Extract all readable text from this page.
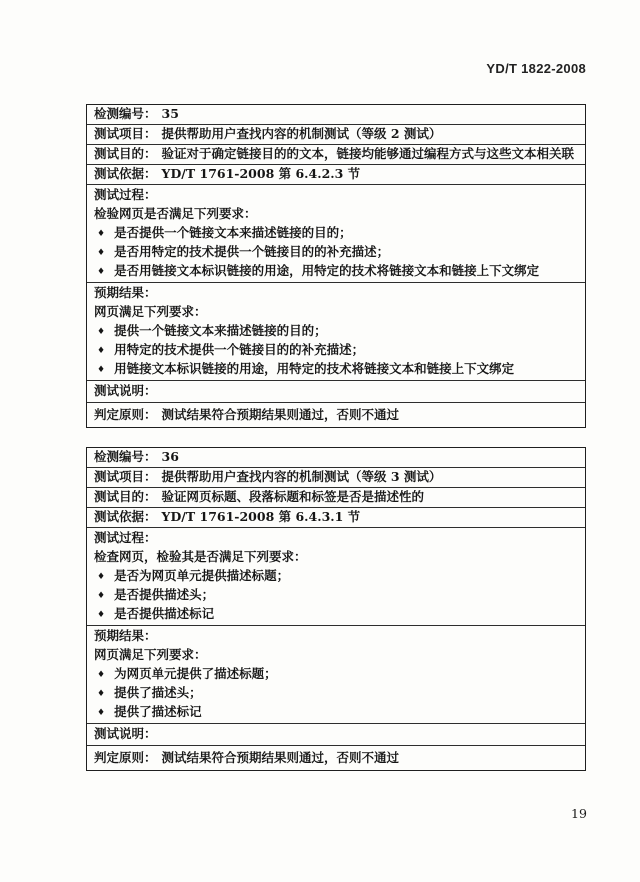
YD/T 1822-2008
检测编号： 35
测试项目： 提供帮助用户查找内容的机制测试（等级 2 测试）
测试目的： 验证对于确定链接目的的文本，链接均能够通过编程方式与这些文本相关联
测试依据： YD/T 1761-2008 第 6.4.2.3 节
测试过程：
检验网页是否满足下列要求：
♦ 是否提供一个链接文本来描述链接的目的；
♦ 是否用特定的技术提供一个链接目的的补充描述；
♦ 是否用链接文本标识链接的用途，用特定的技术将链接文本和链接上下文绑定
预期结果：
网页满足下列要求：
♦ 提供一个链接文本来描述链接的目的；
♦ 用特定的技术提供一个链接目的的补充描述；
♦ 用链接文本标识链接的用途，用特定的技术将链接文本和链接上下文绑定
测试说明：
判定原则： 测试结果符合预期结果则通过，否则不通过
检测编号： 36
测试项目： 提供帮助用户查找内容的机制测试（等级 3 测试）
测试目的： 验证网页标题、段落标题和标签是否是描述性的
测试依据： YD/T 1761-2008 第 6.4.3.1 节
测试过程：
检查网页，检验其是否满足下列要求：
♦ 是否为网页单元提供描述标题；
♦ 是否提供描述头；
♦ 是否提供描述标记
预期结果：
网页满足下列要求：
♦ 为网页单元提供了描述标题；
♦ 提供了描述头；
♦ 提供了描述标记
测试说明：
判定原则： 测试结果符合预期结果则通过，否则不通过
19
